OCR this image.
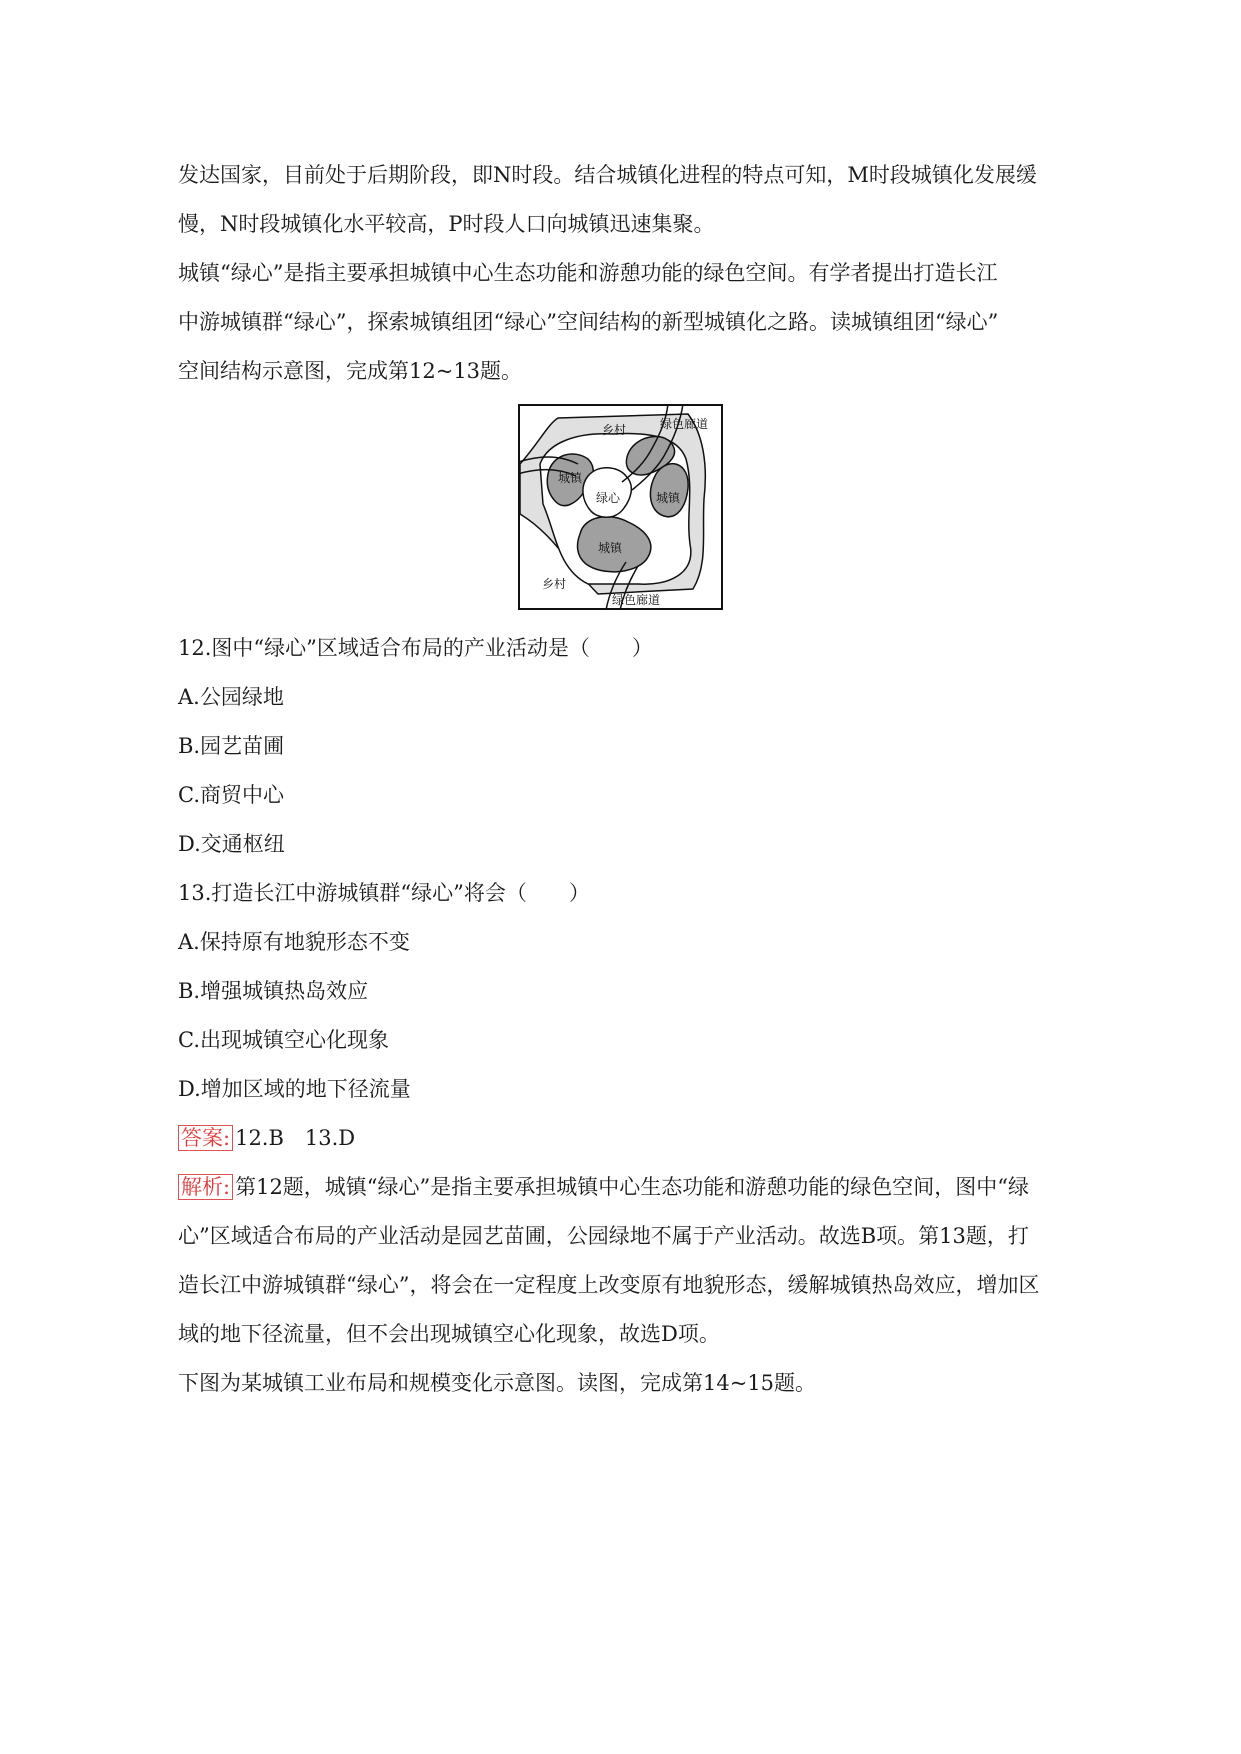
发达国家，目前处于后期阶段，即N时段。结合城镇化进程的特点可知，M时段城镇化发展缓
慢，N时段城镇化水平较高，P时段人口向城镇迅速集聚。
城镇“绿心”是指主要承担城镇中心生态功能和游憩功能的绿色空间。有学者提出打造长江
中游城镇群“绿心”，探索城镇组团“绿心”空间结构的新型城镇化之路。读城镇组团“绿心”
空间结构示意图，完成第12~13题。
乡村	绿色廊道
城镇
绿心	城镇
城镇
乡村
绿色廊道
12.图中“绿心”区域适合布局的产业活动是（　　）
A.公园绿地
B.园艺苗圃
C.商贸中心
D.交通枢纽
13.打造长江中游城镇群“绿心”将会（　　）
A.保持原有地貌形态不变
B.增强城镇热岛效应
C.出现城镇空心化现象
D.增加区域的地下径流量
答案: 12.B　13.D
解析: 第12题，城镇“绿心”是指主要承担城镇中心生态功能和游憩功能的绿色空间，图中“绿
心”区域适合布局的产业活动是园艺苗圃，公园绿地不属于产业活动。故选B项。第13题，打
造长江中游城镇群“绿心”，将会在一定程度上改变原有地貌形态，缓解城镇热岛效应，增加区
域的地下径流量，但不会出现城镇空心化现象，故选D项。
下图为某城镇工业布局和规模变化示意图。读图，完成第14~15题。
